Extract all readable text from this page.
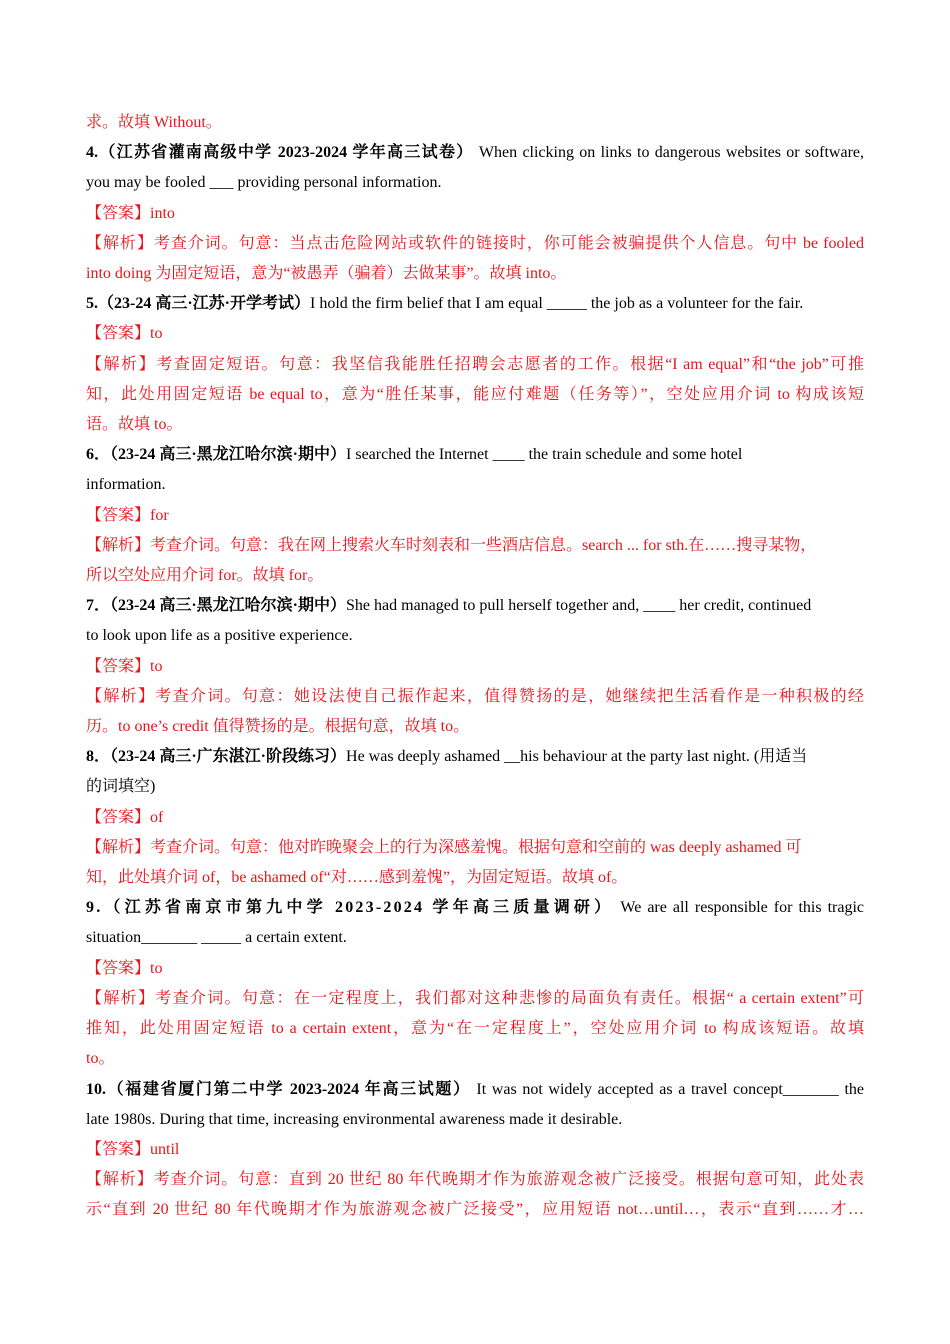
求。故填 Without。
4.（江苏省灌南高级中学 2023-2024 学年高三试卷） When clicking on links to dangerous websites or software,
you may be fooled ___ providing personal information.
【答案】into
【解析】考查介词。句意：当点击危险网站或软件的链接时，你可能会被骗提供个人信息。句中 be fooled
into doing 为固定短语，意为“被愚弄（骗着）去做某事”。故填 into。
5.（23-24 高三·江苏·开学考试）I hold the firm belief that I am equal _____ the job as a volunteer for the fair.
【答案】to
【解析】考查固定短语。句意：我坚信我能胜任招聘会志愿者的工作。根据“I am equal”和“the job”可推
知，此处用固定短语 be equal to，意为“胜任某事，能应付难题（任务等）”，空处应用介词 to 构成该短
语。故填 to。
6．（23-24 高三·黑龙江哈尔滨·期中）I searched the Internet ____ the train schedule and some hotel
information.
【答案】for
【解析】考查介词。句意：我在网上搜索火车时刻表和一些酒店信息。search ... for sth.在……搜寻某物，
所以空处应用介词 for。故填 for。
7．（23-24 高三·黑龙江哈尔滨·期中）She had managed to pull herself together and, ____ her credit, continued
to look upon life as a positive experience.
【答案】to
【解析】考查介词。句意：她设法使自己振作起来，值得赞扬的是，她继续把生活看作是一种积极的经
历。to one’s credit 值得赞扬的是。根据句意，故填 to。
8．（23-24 高三·广东湛江·阶段练习）He was deeply ashamed __his behaviour at the party last night. (用适当
的词填空)
【答案】of
【解析】考查介词。句意：他对昨晚聚会上的行为深感羞愧。根据句意和空前的 was deeply ashamed 可
知，此处填介词 of，be ashamed of“对……感到羞愧”，为固定短语。故填 of。
9.（江苏省南京市第九中学 2023-2024 学年高三质量调研） We are all responsible for this tragic
situation_______ _____ a certain extent.
【答案】to
【解析】考查介词。句意：在一定程度上，我们都对这种悲惨的局面负有责任。根据“ a certain extent”可
推知，此处用固定短语 to a certain extent，意为“在一定程度上”，空处应用介词 to 构成该短语。故填
to。
10.（福建省厦门第二中学 2023-2024 年高三试题） It was not widely accepted as a travel concept_______ the
late 1980s. During that time, increasing environmental awareness made it desirable.
【答案】until
【解析】考查介词。句意：直到 20 世纪 80 年代晚期才作为旅游观念被广泛接受。根据句意可知，此处表
示“直到 20 世纪 80 年代晚期才作为旅游观念被广泛接受”，应用短语 not…until…，表示“直到……才…
